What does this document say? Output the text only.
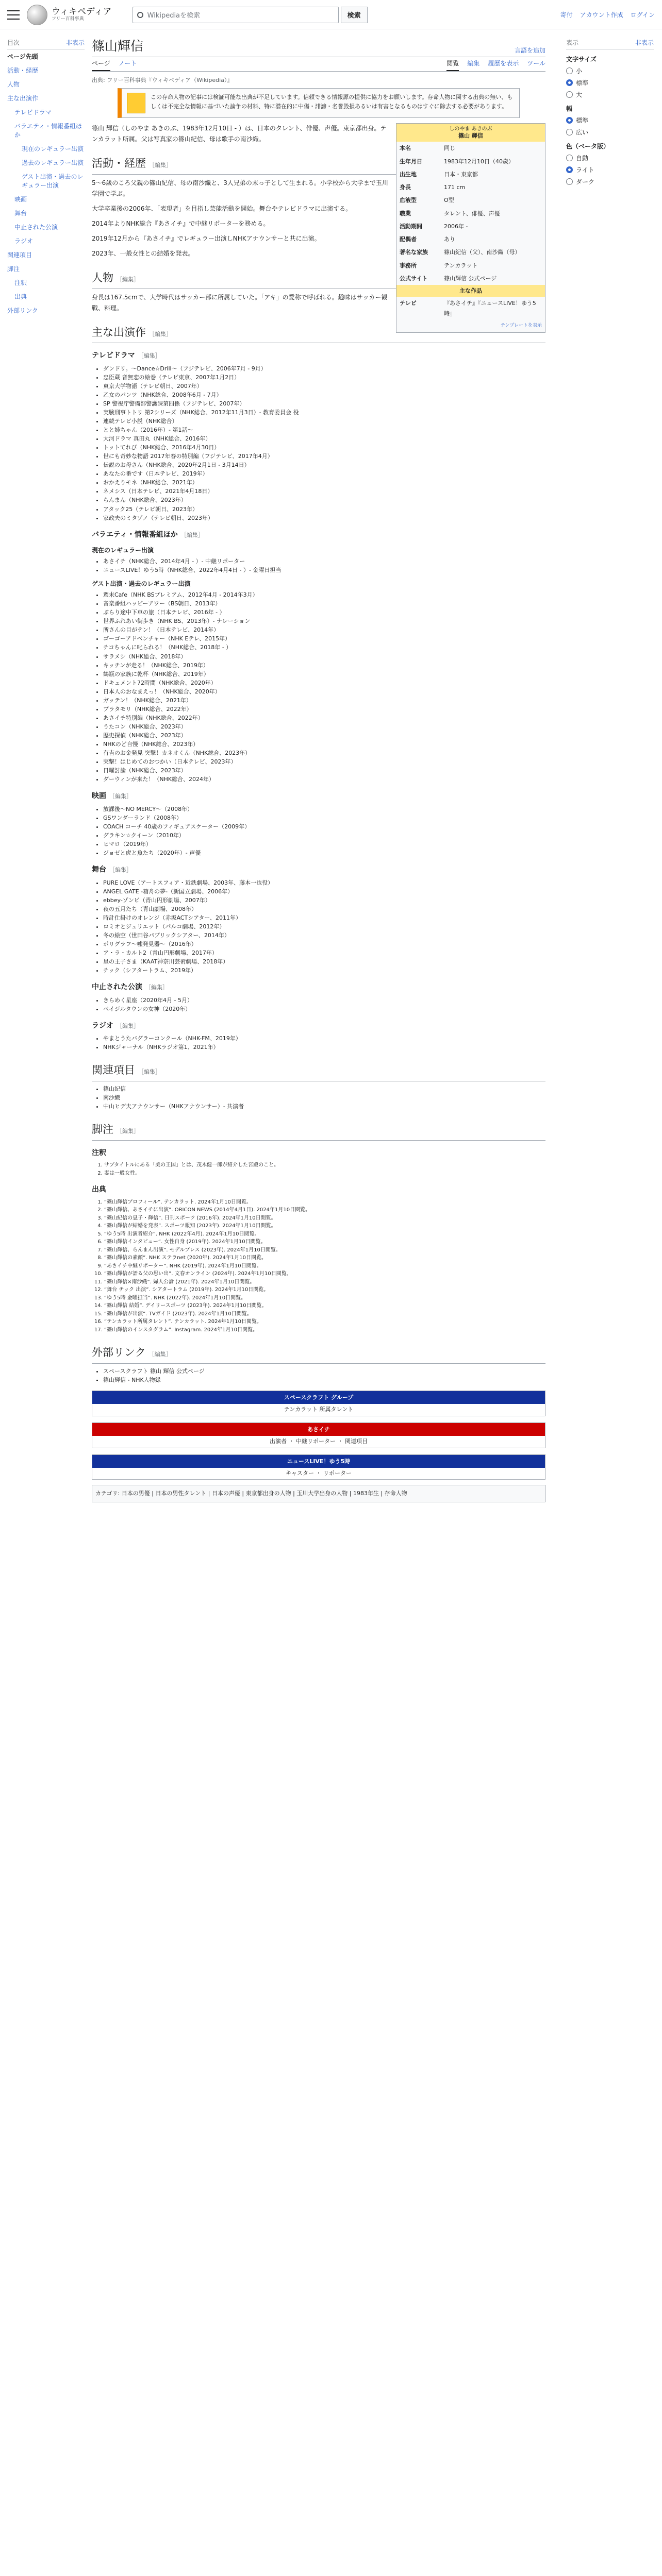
ウィキペディア
フリー百科事典	Wikipediaを検索	検索	寄付 アカウント作成 ログイン
目次	非表示
ページ先頭
活動・経歴
人物
主な出演作
テレビドラマ
バラエティ・情報番組ほか
現在のレギュラー出演
過去のレギュラー出演
ゲスト出演・過去のレギュラー出演
映画
舞台
中止された公演
ラジオ
関連項目
脚注
注釈
出典
外部リンク
篠山輝信	言語を追加
ページ ノート	閲覧 編集 履歴を表示 ツール
出典: フリー百科事典『ウィキペディア（Wikipedia）』
この存命人物の記事には検証可能な出典が不足しています。信頼できる情報源の提供に協力をお願いします。存命人物に関する出典の無い、もしくは不完全な情報に基づいた論争の材料、特に潜在的に中傷・誹謗・名誉毀損あるいは有害となるものはすぐに除去する必要があります。
しのやま あきのぶ
篠山 輝信
本名	同じ
生年月日	1983年12月10日（40歳）
出生地	日本・東京都
身長	171 cm
血液型	O型
職業	タレント、俳優、声優
活動期間	2006年 -
配偶者	あり
著名な家族	篠山紀信（父）、南沙織（母）
事務所	テンカラット
公式サイト	篠山輝信 公式ページ
主な作品
テレビ	『あさイチ』『ニュースLIVE！ゆう5時』
テンプレートを表示

篠山 輝信（しのやま あきのぶ、1983年12月10日 - ）は、日本のタレント、俳優、声優。東京都出身。テンカラット所属。父は写真家の篠山紀信、母は歌手の南沙織。

活動・経歴 ［編集］

5〜6歳のころ父親の篠山紀信、母の南沙織と、3人兄弟の末っ子として生まれる。小学校から大学まで玉川学園で学ぶ。

大学卒業後の2006年、「表現者」を目指し芸能活動を開始。舞台やテレビドラマに出演する。

2014年よりNHK総合『あさイチ』で中継リポーターを務める。

2019年12月から『あさイチ』でレギュラー出演しNHKアナウンサーと共に出演。

2023年、一般女性との結婚を発表。

人物 ［編集］

身長は167.5cmで、大学時代はサッカー部に所属していた。「アキ」の愛称で呼ばれる。趣味はサッカー観戦、料理。

主な出演作 ［編集］
テレビドラマ ［編集］
• ダンドリ。〜Dance☆Drill〜（フジテレビ、2006年7月 - 9月）
• 忠臣蔵 音無恋の絵巻（テレビ東京、2007年1月2日）
• 東京大学物語（テレビ朝日、2007年）
• 乙女のパンツ（NHK総合、2008年6月 - 7月）
• SP 警視庁警備部警護課第四係（フジテレビ、2007年）
• 実験刑事トトリ 第2シリーズ（NHK総合、2012年11月3日）- 教育委員会 役
• 連続テレビ小説（NHK総合）
• とと姉ちゃん（2016年）- 第1話〜
• 大河ドラマ 真田丸（NHK総合、2016年）
• トットてれび（NHK総合、2016年4月30日）
• 世にも奇妙な物語 2017年春の特別編（フジテレビ、2017年4月）
• 伝説のお母さん（NHK総合、2020年2月1日 - 3月14日）
• あなたの番です（日本テレビ、2019年）
• おかえりモネ（NHK総合、2021年）
• ネメシス（日本テレビ、2021年4月18日）
• らんまん（NHK総合、2023年）
• アタック25（テレビ朝日、2023年）
• 家政夫のミタゾノ（テレビ朝日、2023年）
バラエティ・情報番組ほか ［編集］
現在のレギュラー出演
• あさイチ（NHK総合、2014年4月 - ）- 中継リポーター
• ニュースLIVE！ゆう5時（NHK総合、2022年4月4日 - ）- 金曜日担当
ゲスト出演・過去のレギュラー出演
• 週末Cafe（NHK BSプレミアム、2012年4月 - 2014年3月）
• 音楽番組ハッピーアワー（BS朝日、2013年）
• ぶらり途中下車の旅（日本テレビ、2016年 - ）
• 世界ふれあい街歩き（NHK BS、2013年）- ナレーション
• 所さんの目がテン！（日本テレビ、2014年）
• ゴーゴーアドベンチャー（NHK Eテレ、2015年）
• チコちゃんに叱られる！（NHK総合、2018年 - ）
• サラメシ（NHK総合、2018年）
• キッチンが走る！（NHK総合、2019年）
• 鶴瓶の家族に乾杯（NHK総合、2019年）
• ドキュメント72時間（NHK総合、2020年）
• 日本人のおなまえっ！（NHK総合、2020年）
• ガッテン！（NHK総合、2021年）
• ブラタモリ（NHK総合、2022年）
• あさイチ特別編（NHK総合、2022年）
• うたコン（NHK総合、2023年）
• 歴史探偵（NHK総合、2023年）
• NHKのど自慢（NHK総合、2023年）
• 有吉のお金発見 突撃！カネオくん（NHK総合、2023年）
• 突撃！はじめてのおつかい（日本テレビ、2023年）
• 日曜討論（NHK総合、2023年）
• ダーウィンが来た！（NHK総合、2024年）
映画 ［編集］
• 放課後〜NO MERCY〜（2008年）
• GSワンダーランド（2008年）
• COACH コーチ 40歳のフィギュアスケーター（2009年）
• グラキン☆クイーン（2010年）
• ヒマロ（2019年）
• ジョゼと虎と魚たち（2020年）- 声優
舞台 ［編集］
• PURE LOVE（アートスフィア・近鉄劇場、2003年、藤本一也役）
• ANGEL GATE -箱舟の夢-（新国立劇場、2006年）
• ebbey-ゾンビ（青山円形劇場、2007年）
• 夜の五月たち（青山劇場、2008年）
• 時計仕掛けのオレンジ（赤坂ACTシアター、2011年）
• ロミオとジュリエット（パルコ劇場、2012年）
• 冬の絵空（世田谷パブリックシアター、2014年）
• ポリグラフ〜嘘発見器〜（2016年）
• ア・ラ・カルト2（青山円形劇場、2017年）
• 星の王子さま（KAAT神奈川芸術劇場、2018年）
• チック（シアタートラム、2019年）
中止された公演 ［編集］
• きらめく星座（2020年4月 - 5月）
• ベイジルタウンの女神（2020年）
ラジオ ［編集］
• やまとうたバグラーコンクール（NHK-FM、2019年）
• NHKジャーナル（NHKラジオ第1、2021年）
関連項目 ［編集］
• 篠山紀信
• 南沙織
• 中山ヒデ夫アナウンサー（NHKアナウンサー）- 共演者
脚注 ［編集］
注釈
1. サブタイトルにある「美の王国」とは、茂木健一郎が紹介した宮殿のこと。
2. 妻は一般女性。
出典
1. “篠山輝信プロフィール”. テンカラット. 2024年1月10日閲覧。
2. “篠山輝信、あさイチに出演”. ORICON NEWS (2014年4月1日). 2024年1月10日閲覧。
3. “篠山紀信の息子・輝信”. 日刊スポーツ (2016年). 2024年1月10日閲覧。
4. “篠山輝信が結婚を発表”. スポーツ報知 (2023年). 2024年1月10日閲覧。
5. “ゆう5時 出演者紹介”. NHK (2022年4月). 2024年1月10日閲覧。
6. “篠山輝信インタビュー”. 女性自身 (2019年). 2024年1月10日閲覧。
7. “篠山輝信、らんまん出演”. モデルプレス (2023年). 2024年1月10日閲覧。
8. “篠山輝信の素顔”. NHK ステラnet (2020年). 2024年1月10日閲覧。
9. “あさイチ中継リポーター”. NHK (2019年). 2024年1月10日閲覧。
10. “篠山輝信が語る父の思い出”. 文春オンライン (2024年). 2024年1月10日閲覧。
11. “篠山輝信×南沙織”. 婦人公論 (2021年). 2024年1月10日閲覧。
12. “舞台 チック 出演”. シアタートラム (2019年). 2024年1月10日閲覧。
13. “ゆう5時 金曜担当”. NHK (2022年). 2024年1月10日閲覧。
14. “篠山輝信 結婚”. デイリースポーツ (2023年). 2024年1月10日閲覧。
15. “篠山輝信が出演”. TVガイド (2023年). 2024年1月10日閲覧。
16. “テンカラット所属タレント”. テンカラット. 2024年1月10日閲覧。
17. “篠山輝信のインスタグラム”. Instagram. 2024年1月10日閲覧。
外部リンク ［編集］
• スペースクラフト 篠山 輝信 公式ページ
• 篠山輝信 - NHK人物録
スペースクラフト グループ
テンカラット 所属タレント
あさイチ
出演者 ・ 中継リポーター ・ 関連項目
ニュースLIVE！ゆう5時
キャスター ・ リポーター
カテゴリ: 日本の男優 | 日本の男性タレント | 日本の声優 | 東京都出身の人物 | 玉川大学出身の人物 | 1983年生 | 存命人物
表示	非表示
文字サイズ
小
標準
大
幅
標準
広い
色（ベータ版）
自動
ライト
ダーク
